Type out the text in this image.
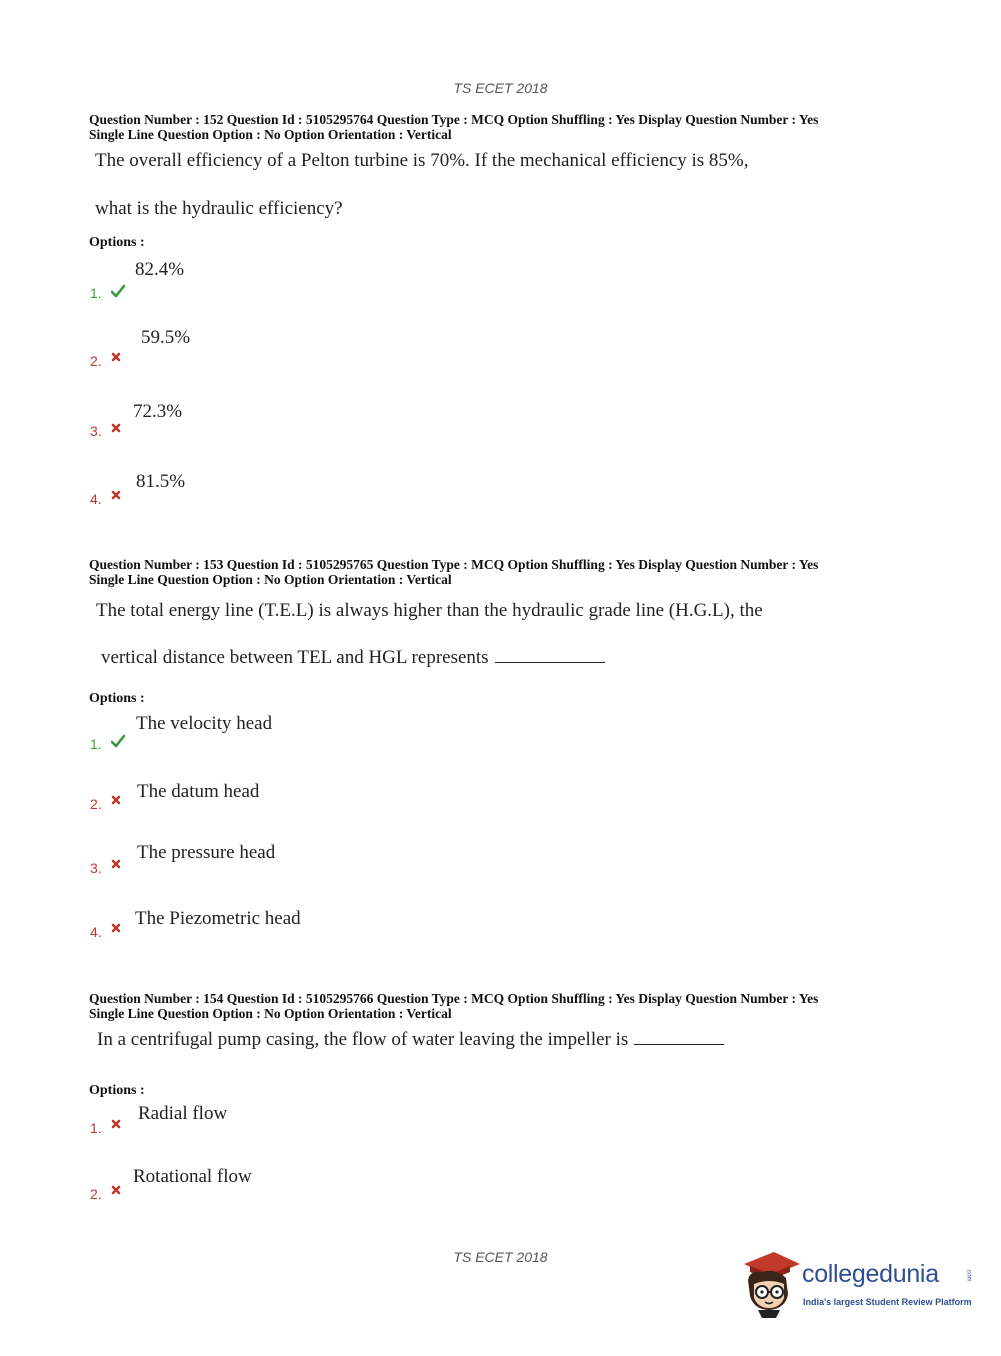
TS ECET 2018
Question Number : 152 Question Id : 5105295764 Question Type : MCQ Option Shuffling : Yes Display Question Number : Yes
Single Line Question Option : No Option Orientation : Vertical
The overall efficiency of a Pelton turbine is 70%. If the mechanical efficiency is 85%,
what is the hydraulic efficiency?
Options :
82.4%
1.
59.5%
2.
72.3%
3.
81.5%
4.
Question Number : 153 Question Id : 5105295765 Question Type : MCQ Option Shuffling : Yes Display Question Number : Yes
Single Line Question Option : No Option Orientation : Vertical
The total energy line (T.E.L) is always higher than the hydraulic grade line (H.G.L), the
vertical distance between TEL and HGL represents
Options :
The velocity head
1.
The datum head
2.
The pressure head
3.
The Piezometric head
4.
Question Number : 154 Question Id : 5105295766 Question Type : MCQ Option Shuffling : Yes Display Question Number : Yes
Single Line Question Option : No Option Orientation : Vertical
In a centrifugal pump casing, the flow of water leaving the impeller is
Options :
Radial flow
1.
Rotational flow
2.
TS ECET 2018
collegedunia	.com
India's largest Student Review Platform
